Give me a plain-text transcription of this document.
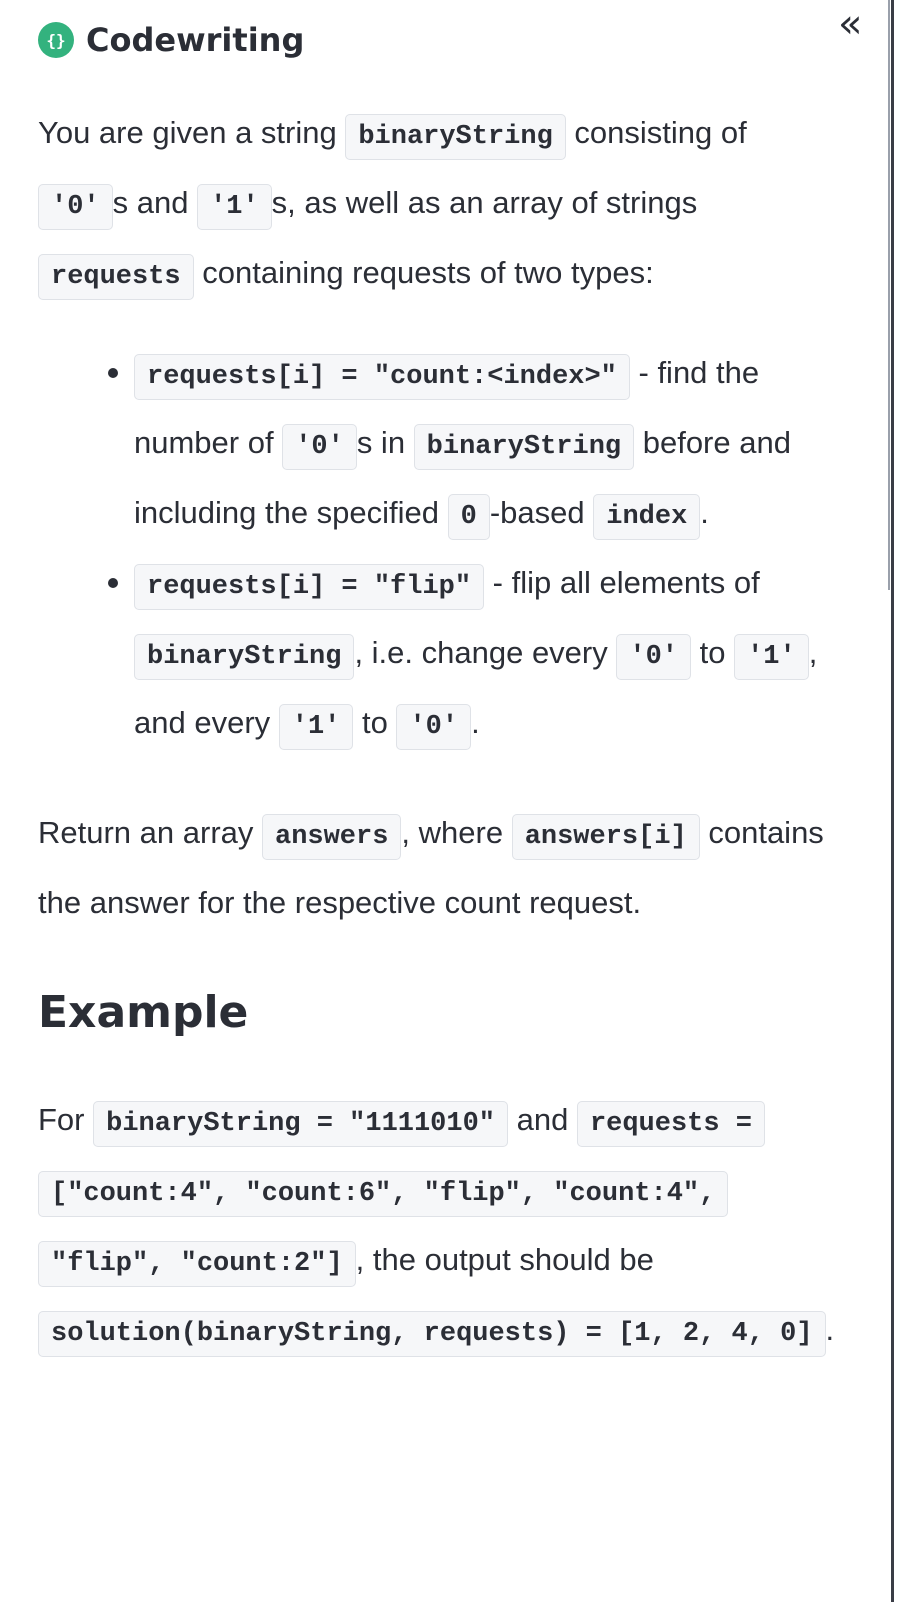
«
{} Codewriting

You are given a string binaryString consisting of '0' s and '1' s, as well as an array of strings requests containing requests of two types:

requests[i] = "count:<index>" - find the number of '0' s in binaryString before and including the specified 0 -based index .
requests[i] = "flip" - flip all elements of binaryString , i.e. change every '0' to '1' , and every '1' to '0' .

Return an array answers , where answers[i] contains the answer for the respective count request.

Example

For binaryString = "1111010" and requests = ["count:4", "count:6", "flip", "count:4", "flip", "count:2"] , the output should be solution(binaryString, requests) = [1, 2, 4, 0] .
